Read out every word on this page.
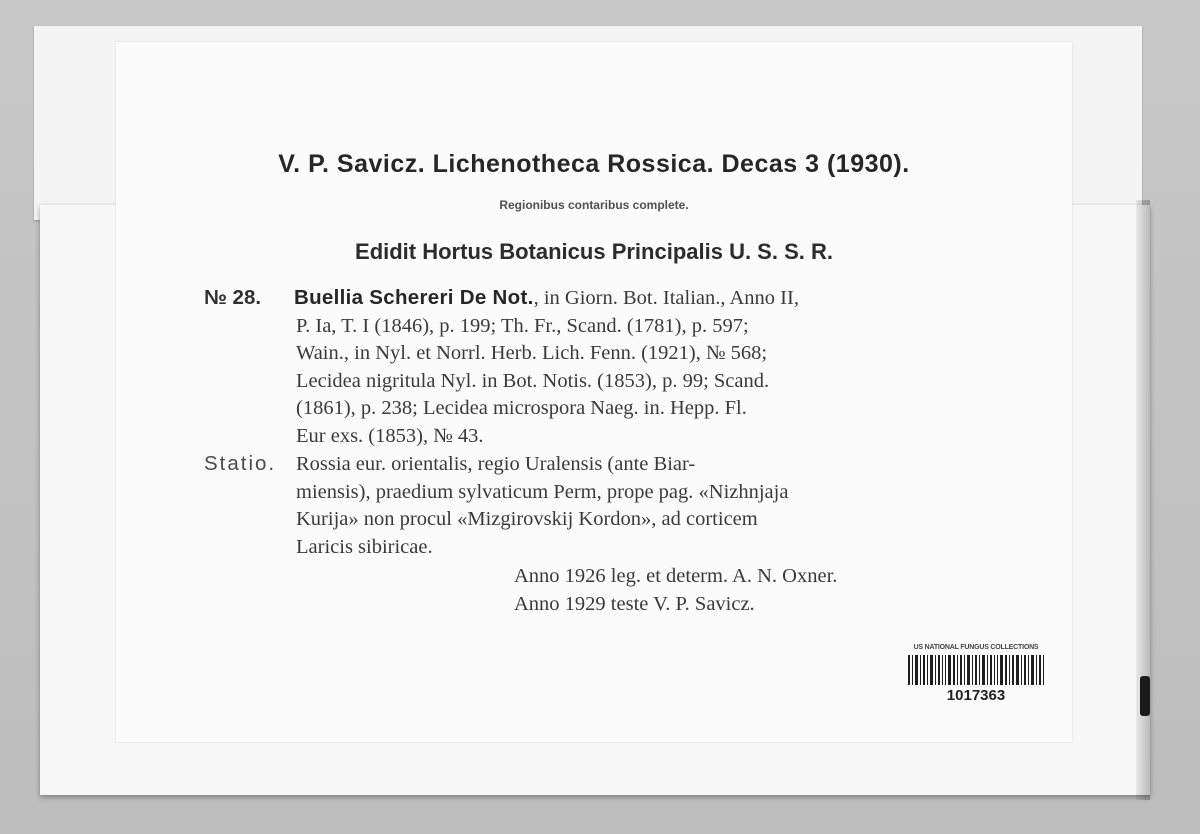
V. P. Savicz. Lichenotheca Rossica. Decas 3 (1930).
Regionibus contaribus complete.
Edidit Hortus Botanicus Principalis U. S. S. R.
№ 28. Buellia Schereri De Not., in Giorn. Bot. Italian., Anno II,
P. Ia, T. I (1846), p. 199; Th. Fr., Scand. (1781), p. 597;
Wain., in Nyl. et Norrl. Herb. Lich. Fenn. (1921), № 568;
Lecidea nigritula Nyl. in Bot. Notis. (1853), p. 99; Scand.
(1861), p. 238; Lecidea microspora Naeg. in. Hepp. Fl.
Eur exs. (1853), № 43.
Statio. Rossia eur. orientalis, regio Uralensis (ante Biar-
miensis), praedium sylvaticum Perm, prope pag. «Nizhnjaja
Kurija» non procul «Mizgirovskij Kordon», ad corticem
Laricis sibiricae.
Anno 1926 leg. et determ. A. N. Oxner.
Anno 1929 teste V. P. Savicz.
US NATIONAL FUNGUS COLLECTIONS
1017363
